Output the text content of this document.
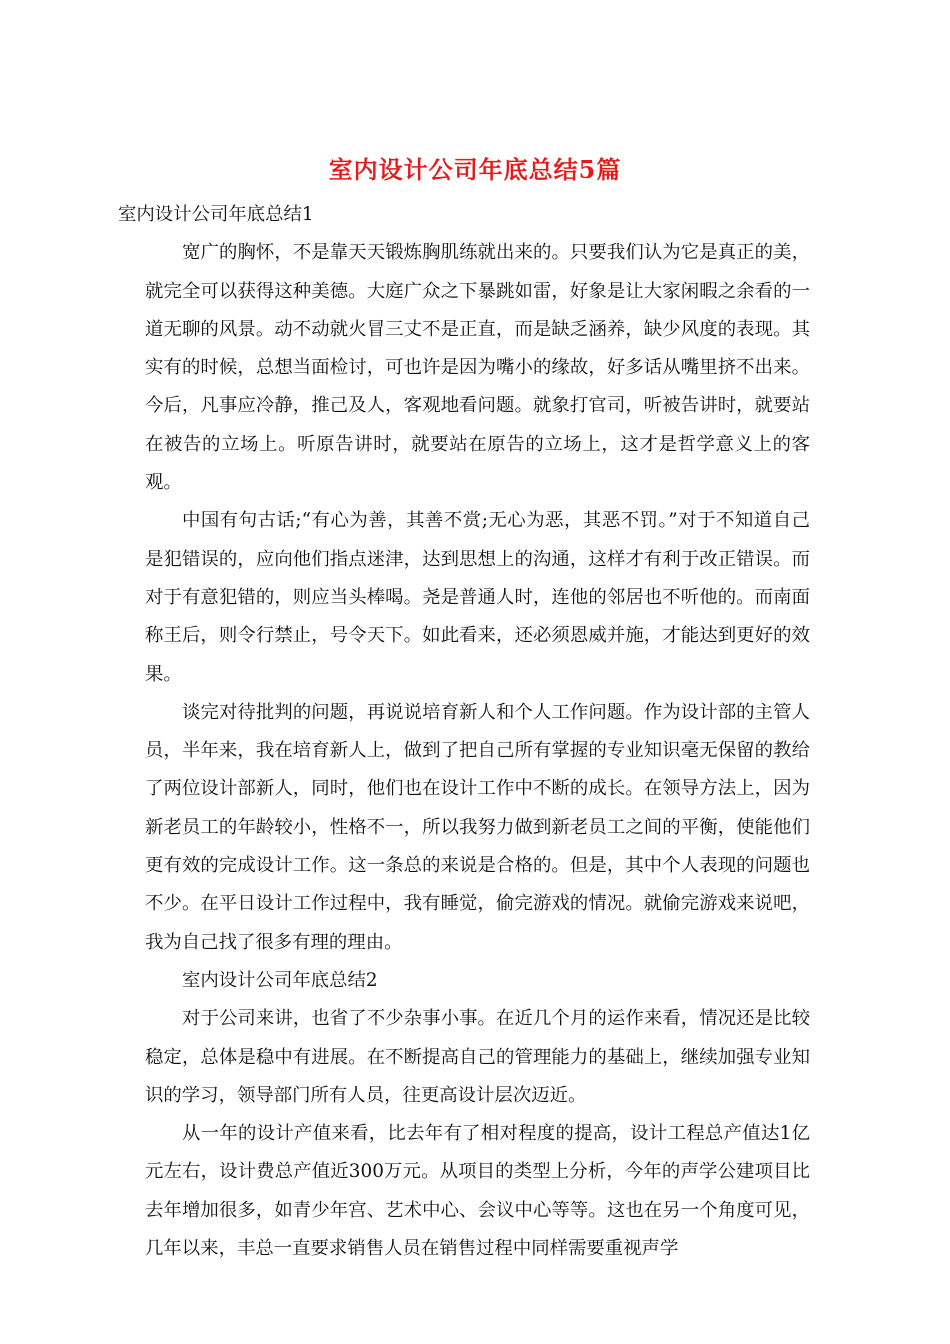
室内设计公司年底总结5篇

室内设计公司年底总结1

宽广的胸怀，不是靠天天锻炼胸肌练就出来的。只要我们认为它是真正的美，就完全可以获得这种美德。大庭广众之下暴跳如雷，好象是让大家闲暇之余看的一道无聊的风景。动不动就火冒三丈不是正直，而是缺乏涵养，缺少风度的表现。其实有的时候，总想当面检讨，可也许是因为嘴小的缘故，好多话从嘴里挤不出来。今后，凡事应冷静，推己及人，客观地看问题。就象打官司，听被告讲时，就要站在被告的立场上。听原告讲时，就要站在原告的立场上，这才是哲学意义上的客观。

中国有句古话;“有心为善，其善不赏;无心为恶，其恶不罚。”对于不知道自己是犯错误的，应向他们指点迷津，达到思想上的沟通，这样才有利于改正错误。而对于有意犯错的，则应当头棒喝。尧是普通人时，连他的邻居也不听他的。而南面称王后，则令行禁止，号令天下。如此看来，还必须恩威并施，才能达到更好的效果。

谈完对待批判的问题，再说说培育新人和个人工作问题。作为设计部的主管人员，半年来，我在培育新人上，做到了把自己所有掌握的专业知识毫无保留的教给了两位设计部新人，同时，他们也在设计工作中不断的成长。在领导方法上，因为新老员工的年龄较小，性格不一，所以我努力做到新老员工之间的平衡，使能他们更有效的完成设计工作。这一条总的来说是合格的。但是，其中个人表现的问题也不少。在平日设计工作过程中，我有睡觉，偷完游戏的情况。就偷完游戏来说吧，我为自己找了很多有理的理由。

室内设计公司年底总结2

对于公司来讲，也省了不少杂事小事。在近几个月的运作来看，情况还是比较稳定，总体是稳中有进展。在不断提高自己的管理能力的基础上，继续加强专业知识的学习，领导部门所有人员，往更高设计层次迈近。

从一年的设计产值来看，比去年有了相对程度的提高，设计工程总产值达1亿元左右，设计费总产值近300万元。从项目的类型上分析，今年的声学公建项目比去年增加很多，如青少年宫、艺术中心、会议中心等等。这也在另一个角度可见，几年以来，丰总一直要求销售人员在销售过程中同样需要重视声学
